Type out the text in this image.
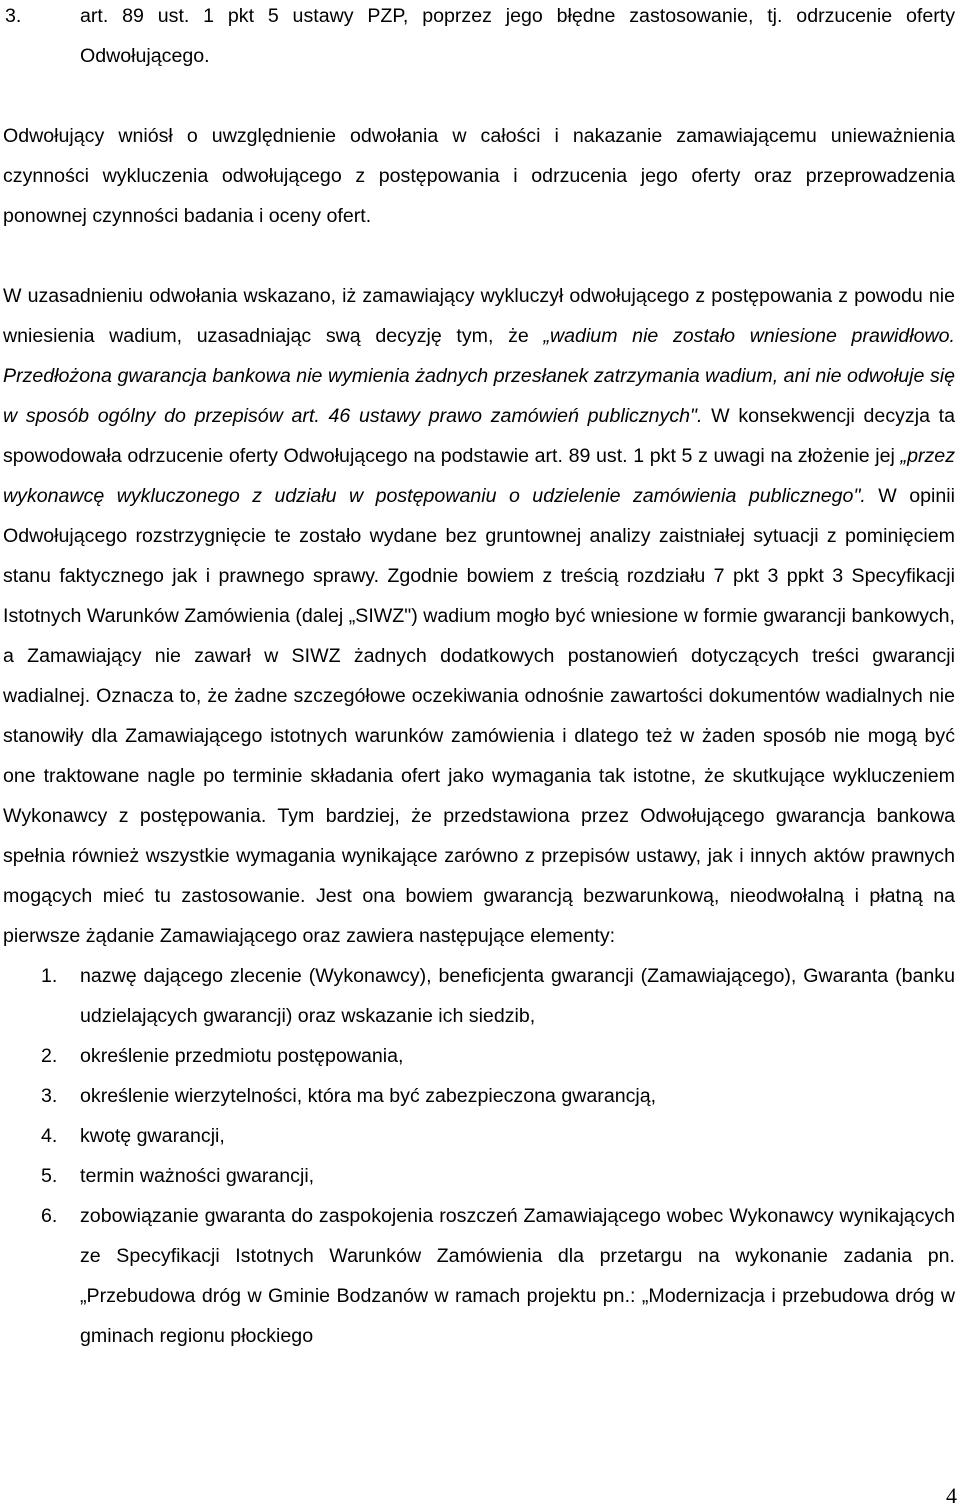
3.	art. 89 ust. 1 pkt 5 ustawy PZP, poprzez jego błędne zastosowanie, tj. odrzucenie oferty Odwołującego.

Odwołujący wniósł o uwzględnienie odwołania w całości i nakazanie zamawiającemu unieważnienia czynności wykluczenia odwołującego z postępowania i odrzucenia jego oferty oraz przeprowadzenia ponownej czynności badania i oceny ofert.

W uzasadnieniu odwołania wskazano, iż zamawiający wykluczył odwołującego z postępowania z powodu nie wniesienia wadium, uzasadniając swą decyzję tym, że „wadium nie zostało wniesione prawidłowo. Przedłożona gwarancja bankowa nie wymienia żadnych przesłanek zatrzymania wadium, ani nie odwołuje się w sposób ogólny do przepisów art. 46 ustawy prawo zamówień publicznych". W konsekwencji decyzja ta spowodowała odrzucenie oferty Odwołującego na podstawie art. 89 ust. 1 pkt 5 z uwagi na złożenie jej „przez wykonawcę wykluczonego z udziału w postępowaniu o udzielenie zamówienia publicznego". W opinii Odwołującego rozstrzygnięcie te zostało wydane bez gruntownej analizy zaistniałej sytuacji z pominięciem stanu faktycznego jak i prawnego sprawy. Zgodnie bowiem z treścią rozdziału 7 pkt 3 ppkt 3 Specyfikacji Istotnych Warunków Zamówienia (dalej „SIWZ") wadium mogło być wniesione w formie gwarancji bankowych, a Zamawiający nie zawarł w SIWZ żadnych dodatkowych postanowień dotyczących treści gwarancji wadialnej. Oznacza to, że żadne szczegółowe oczekiwania odnośnie zawartości dokumentów wadialnych nie stanowiły dla Zamawiającego istotnych warunków zamówienia i dlatego też w żaden sposób nie mogą być one traktowane nagle po terminie składania ofert jako wymagania tak istotne, że skutkujące wykluczeniem Wykonawcy z postępowania. Tym bardziej, że przedstawiona przez Odwołującego gwarancja bankowa spełnia również wszystkie wymagania wynikające zarówno z przepisów ustawy, jak i innych aktów prawnych mogących mieć tu zastosowanie. Jest ona bowiem gwarancją bezwarunkową, nieodwołalną i płatną na pierwsze żądanie Zamawiającego oraz zawiera następujące elementy:

1. nazwę dającego zlecenie (Wykonawcy), beneficjenta gwarancji (Zamawiającego), Gwaranta (banku udzielających gwarancji) oraz wskazanie ich siedzib,
2. określenie przedmiotu postępowania,
3. określenie wierzytelności, która ma być zabezpieczona gwarancją,
4. kwotę gwarancji,
5. termin ważności gwarancji,
6. zobowiązanie gwaranta do zaspokojenia roszczeń Zamawiającego wobec Wykonawcy wynikających ze Specyfikacji Istotnych Warunków Zamówienia dla przetargu na wykonanie zadania pn. „Przebudowa dróg w Gminie Bodzanów w ramach projektu pn.: „Modernizacja i przebudowa dróg w gminach regionu płockiego
4
